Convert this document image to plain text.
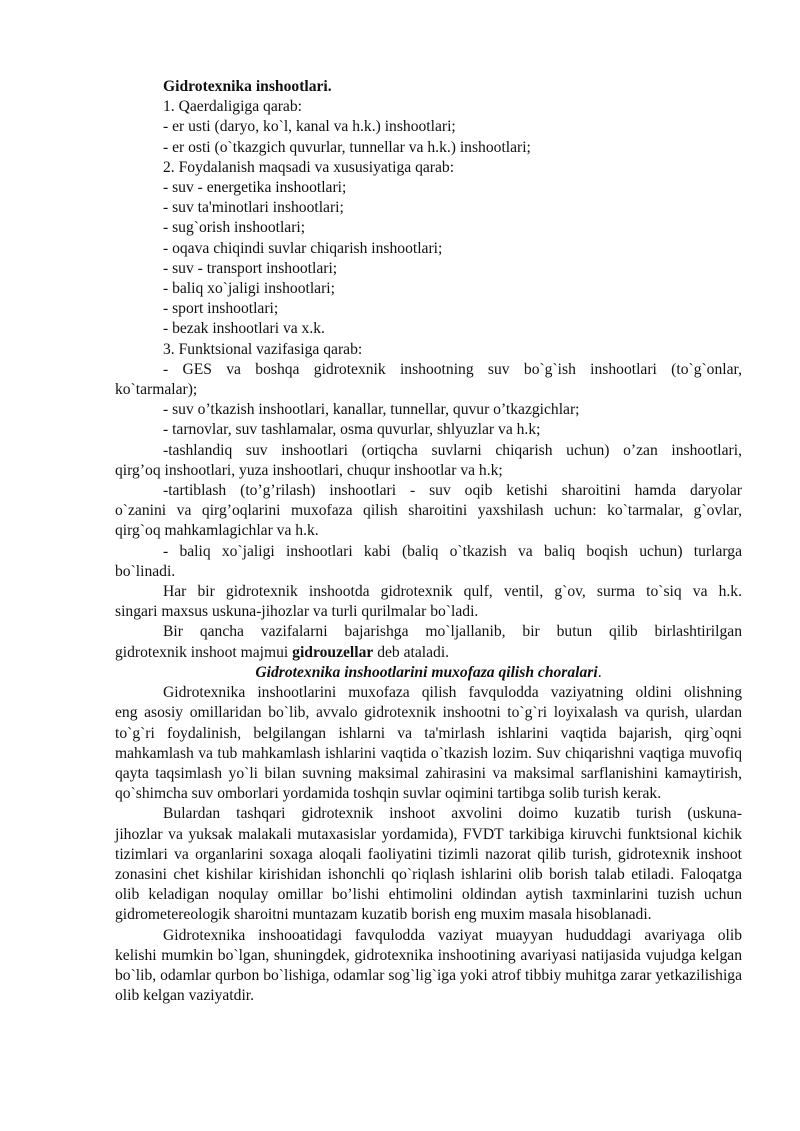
Gidrotexnika inshootlari.
1. Qaerdaligiga qarab:
- er usti (daryo, ko`l, kanal va h.k.) inshootlari;
- er osti (o`tkazgich quvurlar, tunnellar va h.k.) inshootlari;
2. Foydalanish maqsadi va xususiyatiga qarab:
- suv - energetika inshootlari;
- suv ta'minotlari inshootlari;
- sug`orish inshootlari;
- oqava chiqindi suvlar chiqarish inshootlari;
- suv - transport inshootlari;
- baliq xo`jaligi inshootlari;
- sport inshootlari;
- bezak inshootlari va x.k.
3. Funktsional vazifasiga qarab:
- GES va boshqa gidrotexnik inshootning suv bo`g`ish inshootlari (to`g`onlar,
ko`tarmalar);
- suv o’tkazish inshootlari, kanallar, tunnellar, quvur o’tkazgichlar;
- tarnovlar, suv tashlamalar, osma quvurlar, shlyuzlar va h.k;
-tashlandiq suv inshootlari (ortiqcha suvlarni chiqarish uchun) o’zan inshootlari,
qirg’oq inshootlari, yuza inshootlari, chuqur inshootlar va h.k;
-tartiblash (to’g’rilash) inshootlari - suv oqib ketishi sharoitini hamda daryolar
o`zanini va qirg’oqlarini muxofaza qilish sharoitini yaxshilash uchun: ko`tarmalar, g`ovlar,
qirg`oq mahkamlagichlar va h.k.
- baliq xo`jaligi inshootlari kabi (baliq o`tkazish va baliq boqish uchun) turlarga
bo`linadi.
Har bir gidrotexnik inshootda gidrotexnik qulf, ventil, g`ov, surma to`siq va h.k.
singari maxsus uskuna-jihozlar va turli qurilmalar bo`ladi.
Bir qancha vazifalarni bajarishga mo`ljallanib, bir butun qilib birlashtirilgan
gidrotexnik inshoot majmui gidrouzellar deb ataladi.
Gidrotexnika inshootlarini muxofaza qilish choralari.
Gidrotexnika inshootlarini muxofaza qilish favqulodda vaziyatning oldini olishning
eng asosiy omillaridan bo`lib, avvalo gidrotexnik inshootni to`g`ri loyixalash va qurish, ulardan to`g`ri foydalinish, belgilangan ishlarni va ta'mirlash ishlarini vaqtida bajarish, qirg`oqni mahkamlash va tub mahkamlash ishlarini vaqtida o`tkazish lozim. Suv chiqarishni vaqtiga muvofiq qayta taqsimlash yo`li bilan suvning maksimal zahirasini va maksimal sarflanishini kamaytirish, qo`shimcha suv omborlari yordamida toshqin suvlar oqimini tartibga solib turish kerak.
Bulardan tashqari gidrotexnik inshoot axvolini doimo kuzatib turish (uskuna-
jihozlar va yuksak malakali mutaxasislar yordamida), FVDT tarkibiga kiruvchi funktsional kichik tizimlari va organlarini soxaga aloqali faoliyatini tizimli nazorat qilib turish, gidrotexnik inshoot zonasini chet kishilar kirishidan ishonchli qo`riqlash ishlarini olib borish talab etiladi. Faloqatga olib keladigan noqulay omillar bo’lishi ehtimolini oldindan aytish taxminlarini tuzish uchun gidrometereologik sharoitni muntazam kuzatib borish eng muxim masala hisoblanadi.
Gidrotexnika inshooatidagi favqulodda vaziyat muayyan hududdagi avariyaga olib
kelishi mumkin bo`lgan, shuningdek, gidrotexnika inshootining avariyasi natijasida vujudga kelgan bo`lib, odamlar qurbon bo`lishiga, odamlar sog`lig`iga yoki atrof tibbiy muhitga zarar yetkazilishiga olib kelgan vaziyatdir.
